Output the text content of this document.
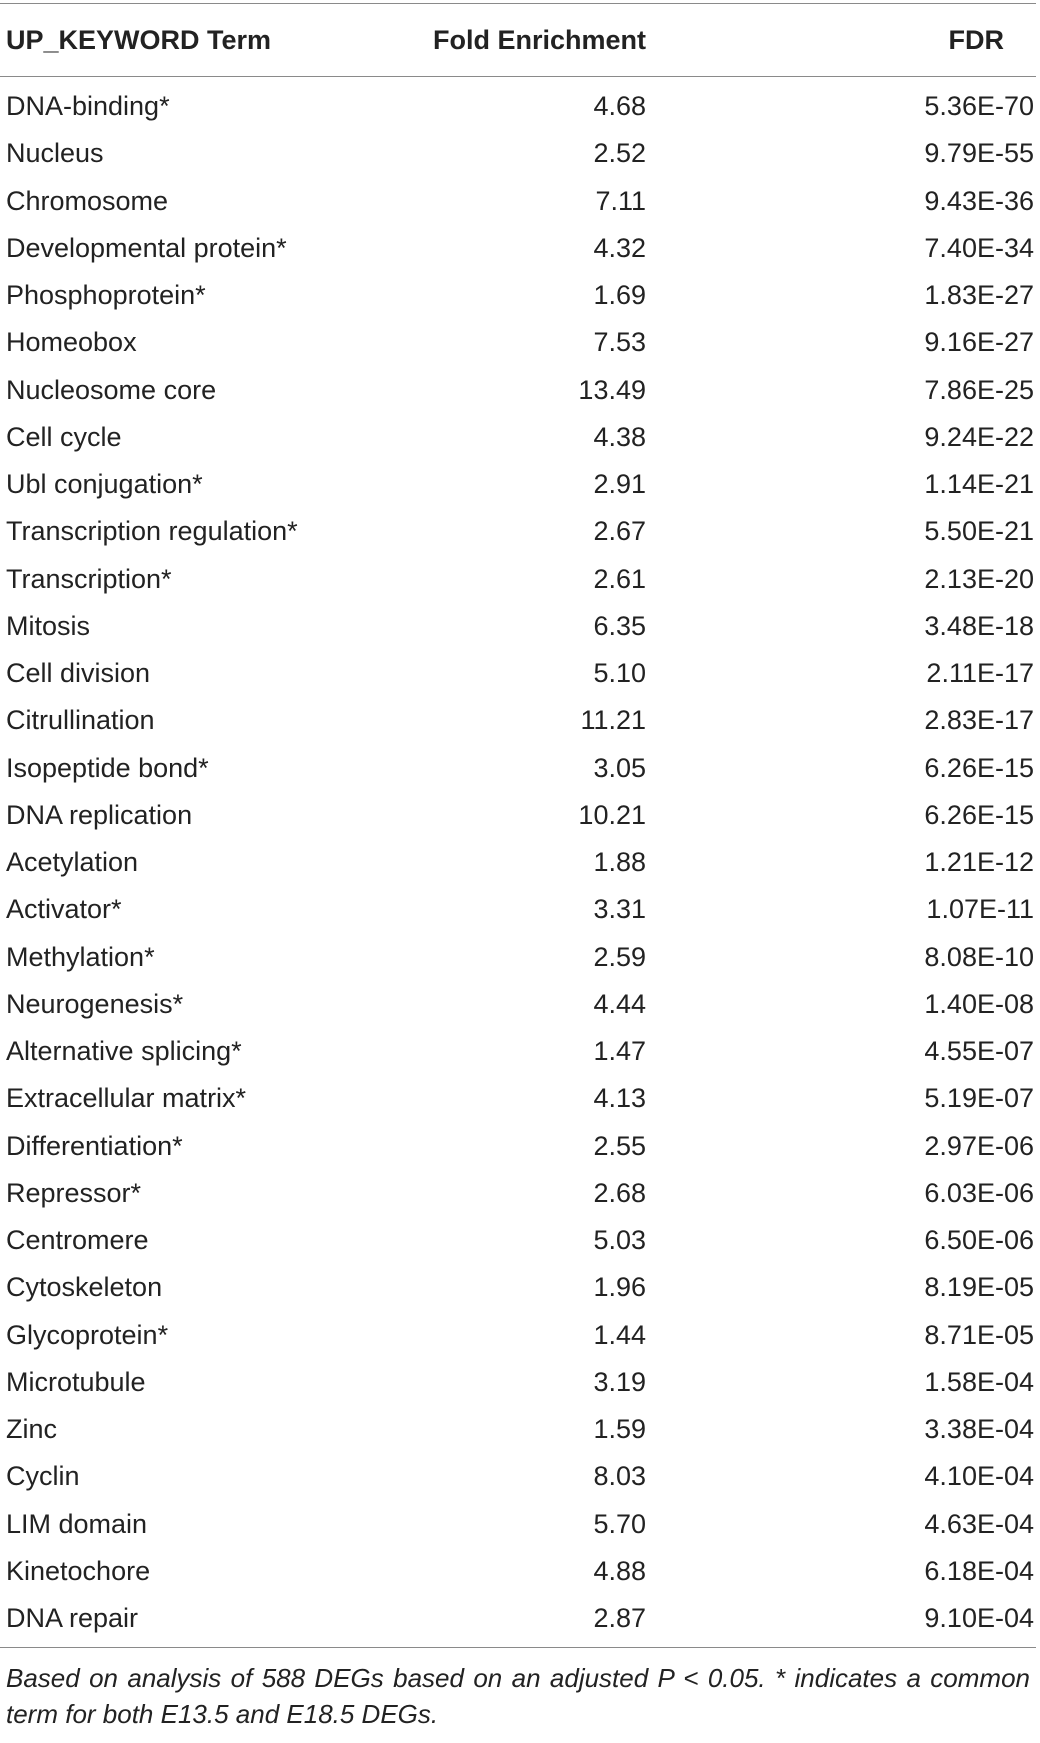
UP_KEYWORD Term	Fold Enrichment	FDR
DNA-binding*	4.68	5.36E-70
Nucleus	2.52	9.79E-55
Chromosome	7.11	9.43E-36
Developmental protein*	4.32	7.40E-34
Phosphoprotein*	1.69	1.83E-27
Homeobox	7.53	9.16E-27
Nucleosome core	13.49	7.86E-25
Cell cycle	4.38	9.24E-22
Ubl conjugation*	2.91	1.14E-21
Transcription regulation*	2.67	5.50E-21
Transcription*	2.61	2.13E-20
Mitosis	6.35	3.48E-18
Cell division	5.10	2.11E-17
Citrullination	11.21	2.83E-17
Isopeptide bond*	3.05	6.26E-15
DNA replication	10.21	6.26E-15
Acetylation	1.88	1.21E-12
Activator*	3.31	1.07E-11
Methylation*	2.59	8.08E-10
Neurogenesis*	4.44	1.40E-08
Alternative splicing*	1.47	4.55E-07
Extracellular matrix*	4.13	5.19E-07
Differentiation*	2.55	2.97E-06
Repressor*	2.68	6.03E-06
Centromere	5.03	6.50E-06
Cytoskeleton	1.96	8.19E-05
Glycoprotein*	1.44	8.71E-05
Microtubule	3.19	1.58E-04
Zinc	1.59	3.38E-04
Cyclin	8.03	4.10E-04
LIM domain	5.70	4.63E-04
Kinetochore	4.88	6.18E-04
DNA repair	2.87	9.10E-04
Based on analysis of 588 DEGs based on an adjusted P < 0.05. * indicates a common term for both E13.5 and E18.5 DEGs.
